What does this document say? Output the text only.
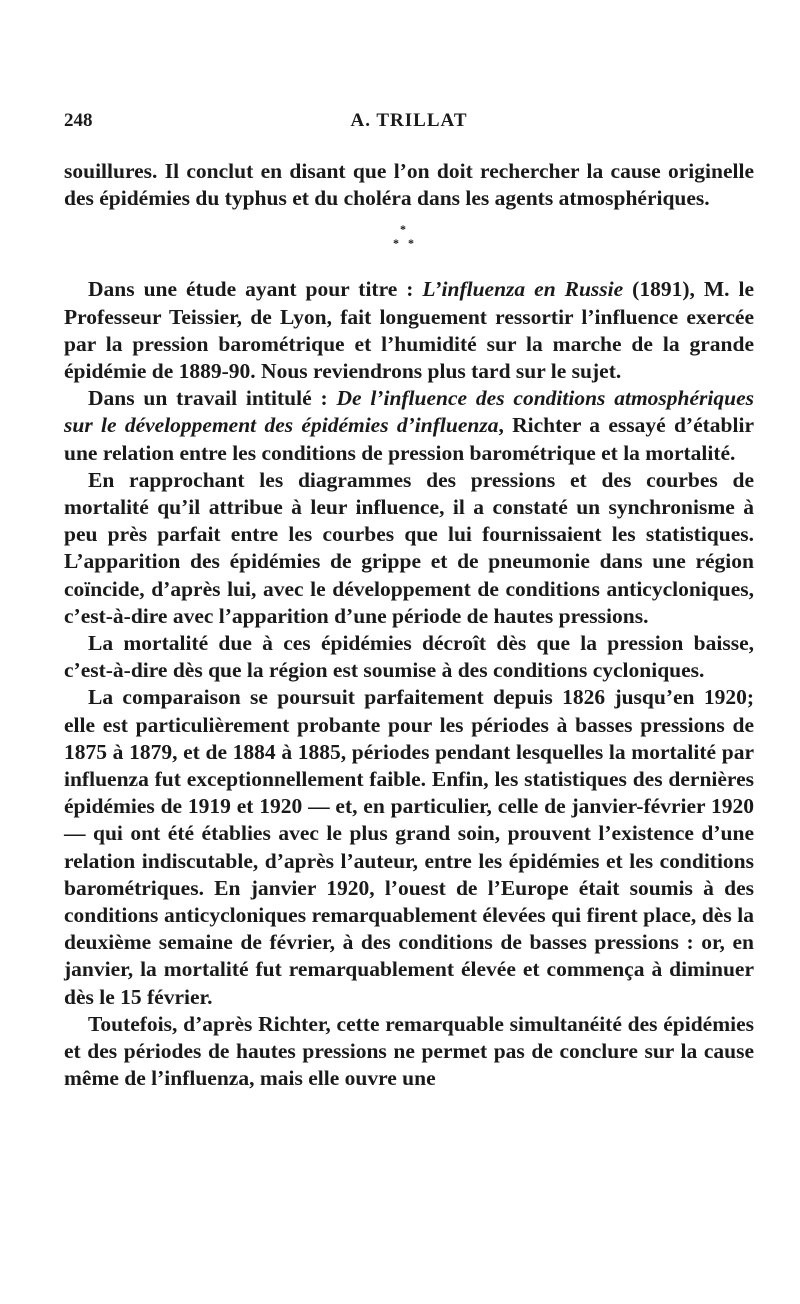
248	A. TRILLAT

souillures. Il conclut en disant que l’on doit rechercher la cause originelle des épidémies du typhus et du choléra dans les agents atmosphériques.

*
* *

Dans une étude ayant pour titre : L’influenza en Russie (1891), M. le Professeur Teissier, de Lyon, fait longuement ressortir l’influence exercée par la pression barométrique et l’humidité sur la marche de la grande épidémie de 1889-90. Nous reviendrons plus tard sur le sujet.

Dans un travail intitulé : De l’influence des conditions atmosphériques sur le développement des épidémies d’influenza, Richter a essayé d’établir une relation entre les conditions de pression barométrique et la mortalité.

En rapprochant les diagrammes des pressions et des courbes de mortalité qu’il attribue à leur influence, il a constaté un synchronisme à peu près parfait entre les courbes que lui fournissaient les statistiques. L’apparition des épidémies de grippe et de pneumonie dans une région coïncide, d’après lui, avec le développement de conditions anticycloniques, c’est-à-dire avec l’apparition d’une période de hautes pressions.

La mortalité due à ces épidémies décroît dès que la pression baisse, c’est-à-dire dès que la région est soumise à des conditions cycloniques.

La comparaison se poursuit parfaitement depuis 1826 jusqu’en 1920; elle est particulièrement probante pour les périodes à basses pressions de 1875 à 1879, et de 1884 à 1885, périodes pendant lesquelles la mortalité par influenza fut exceptionnellement faible. Enfin, les statistiques des dernières épidémies de 1919 et 1920 — et, en particulier, celle de janvier-février 1920 — qui ont été établies avec le plus grand soin, prouvent l’existence d’une relation indiscutable, d’après l’auteur, entre les épidémies et les conditions barométriques. En janvier 1920, l’ouest de l’Europe était soumis à des conditions anticycloniques remarquablement élevées qui firent place, dès la deuxième semaine de février, à des conditions de basses pressions : or, en janvier, la mortalité fut remarquablement élevée et commença à diminuer dès le 15 février.

Toutefois, d’après Richter, cette remarquable simultanéité des épidémies et des périodes de hautes pressions ne permet pas de conclure sur la cause même de l’influenza, mais elle ouvre une
